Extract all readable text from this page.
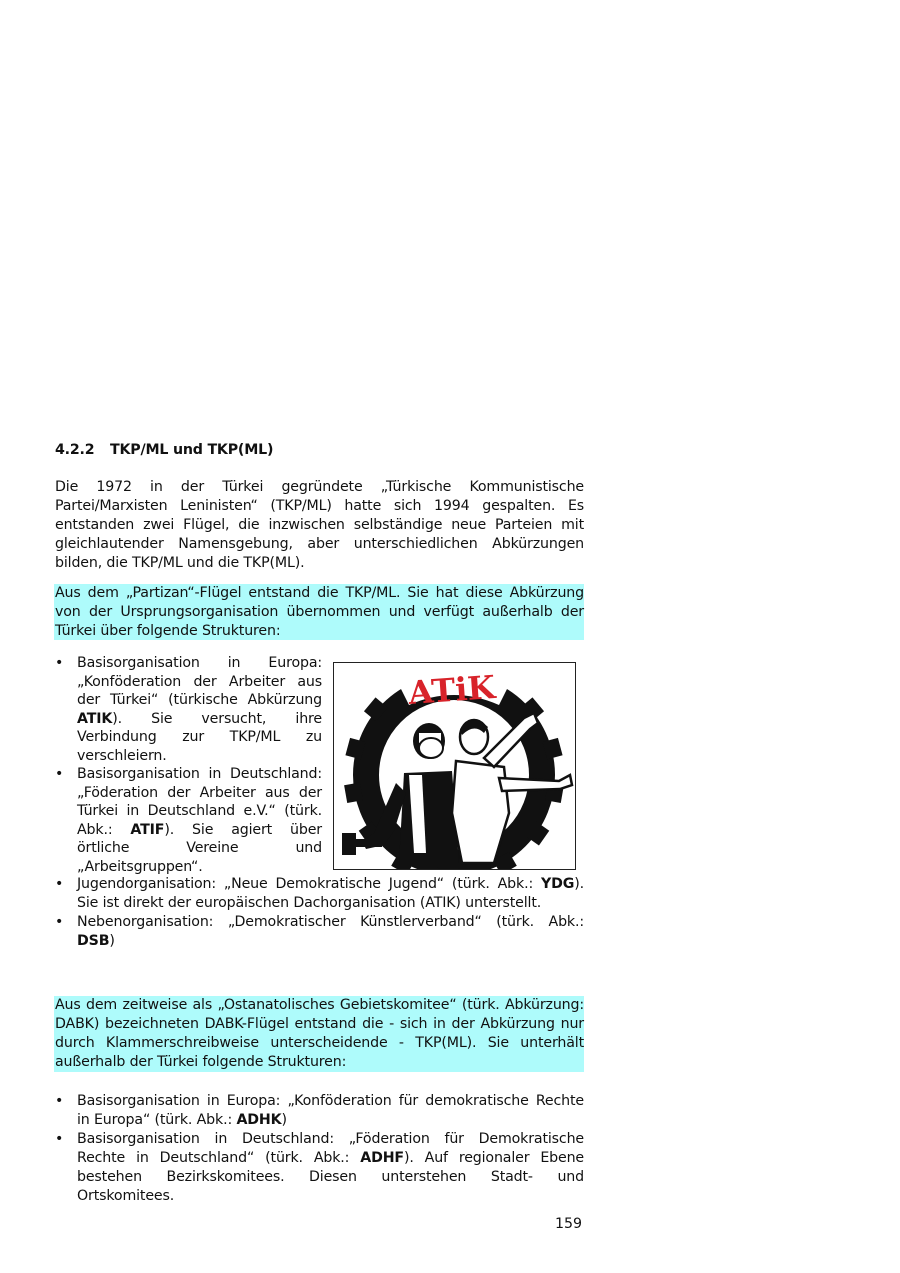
4.2.2 TKP/ML und TKP(ML)
Die 1972 in der Türkei gegründete „Türkische Kommunistische Partei/Marxisten Leninisten“ (TKP/ML) hatte sich 1994 gespalten. Es entstanden zwei Flügel, die inzwischen selbständige neue Parteien mit gleichlautender Namensgebung, aber unterschiedlichen Abkürzungen bilden, die TKP/ML und die TKP(ML).
Aus dem „Partizan“-Flügel entstand die TKP/ML. Sie hat diese Abkürzung von der Ursprungsorganisation übernommen und verfügt außerhalb der Türkei über folgende Strukturen:
• Basisorganisation in Europa: „Konföderation der Arbeiter aus der Türkei“ (türkische Abkürzung ATIK). Sie versucht, ihre Verbindung zur TKP/ML zu verschleiern.
• Basisorganisation in Deutschland: „Föderation der Arbeiter aus der Türkei in Deutschland e.V.“ (türk. Abk.: ATIF). Sie agiert über örtliche Vereine und „Arbeitsgruppen“.
ATiK
• Jugendorganisation: „Neue Demokratische Jugend“ (türk. Abk.: YDG). Sie ist direkt der europäischen Dachorganisation (ATIK) unterstellt.
• Nebenorganisation: „Demokratischer Künstlerverband“ (türk. Abk.: DSB)
Aus dem zeitweise als „Ostanatolisches Gebietskomitee“ (türk. Abkürzung: DABK) bezeichneten DABK-Flügel entstand die - sich in der Abkürzung nur durch Klammerschreibweise unterscheidende - TKP(ML). Sie unterhält außerhalb der Türkei folgende Strukturen:
• Basisorganisation in Europa: „Konföderation für demokratische Rechte in Europa“ (türk. Abk.: ADHK)
• Basisorganisation in Deutschland: „Föderation für Demokratische Rechte in Deutschland“ (türk. Abk.: ADHF). Auf regionaler Ebene bestehen Bezirkskomitees. Diesen unterstehen Stadt- und Ortskomitees.
159
